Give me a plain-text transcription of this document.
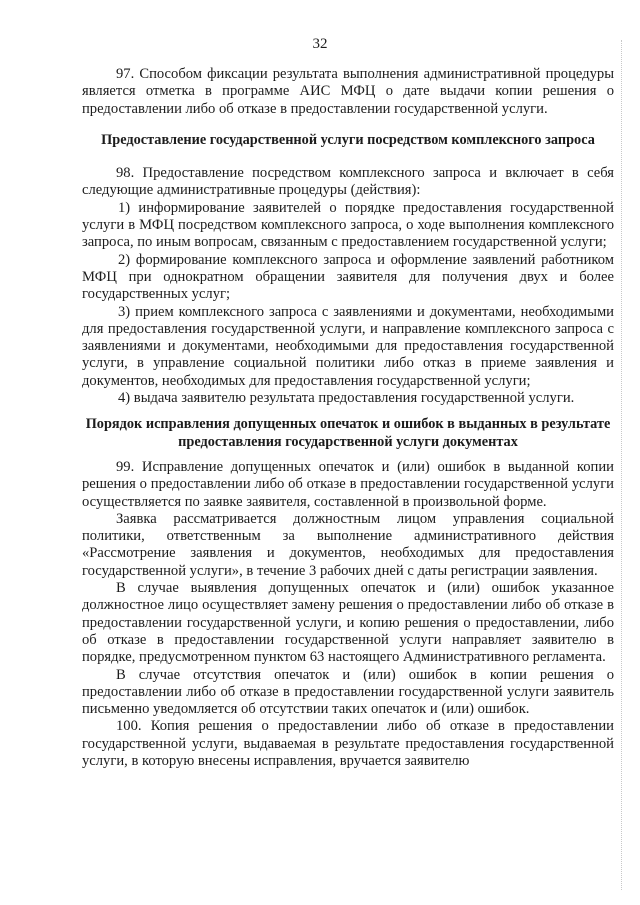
32

97. Способом фиксации результата выполнения административной процедуры является отметка в программе АИС МФЦ о дате выдачи копии решения о предоставлении либо об отказе в предоставлении государственной услуги.

Предоставление государственной услуги посредством комплексного запроса

98. Предоставление посредством комплексного запроса и включает в себя следующие административные процедуры (действия):

1) информирование заявителей о порядке предоставления государственной услуги в МФЦ посредством комплексного запроса, о ходе выполнения комплексного запроса, по иным вопросам, связанным с предоставлением государственной услуги;

2) формирование комплексного запроса и оформление заявлений работником МФЦ при однократном обращении заявителя для получения двух и более государственных услуг;

3) прием комплексного запроса с заявлениями и документами, необходимыми для предоставления государственной услуги, и направление комплексного запроса с заявлениями и документами, необходимыми для предоставления государственной услуги, в управление социальной политики либо отказ в приеме заявления и документов, необходимых для предоставления государственной услуги;

4) выдача заявителю результата предоставления государственной услуги.

Порядок исправления допущенных опечаток и ошибок в выданных в результате предоставления государственной услуги документах

99. Исправление допущенных опечаток и (или) ошибок в выданной копии решения о предоставлении либо об отказе в предоставлении государственной услуги осуществляется по заявке заявителя, составленной в произвольной форме.

Заявка рассматривается должностным лицом управления социальной политики, ответственным за выполнение административного действия «Рассмотрение заявления и документов, необходимых для предоставления государственной услуги», в течение 3 рабочих дней с даты регистрации заявления.

В случае выявления допущенных опечаток и (или) ошибок указанное должностное лицо осуществляет замену решения о предоставлении либо об отказе в предоставлении государственной услуги, и копию решения о предоставлении, либо об отказе в предоставлении государственной услуги направляет заявителю в порядке, предусмотренном пунктом 63 настоящего Административного регламента.

В случае отсутствия опечаток и (или) ошибок в копии решения о предоставлении либо об отказе в предоставлении государственной услуги заявитель письменно уведомляется об отсутствии таких опечаток и (или) ошибок.

100. Копия решения о предоставлении либо об отказе в предоставлении государственной услуги, выдаваемая в результате предоставления государственной услуги, в которую внесены исправления, вручается заявителю
